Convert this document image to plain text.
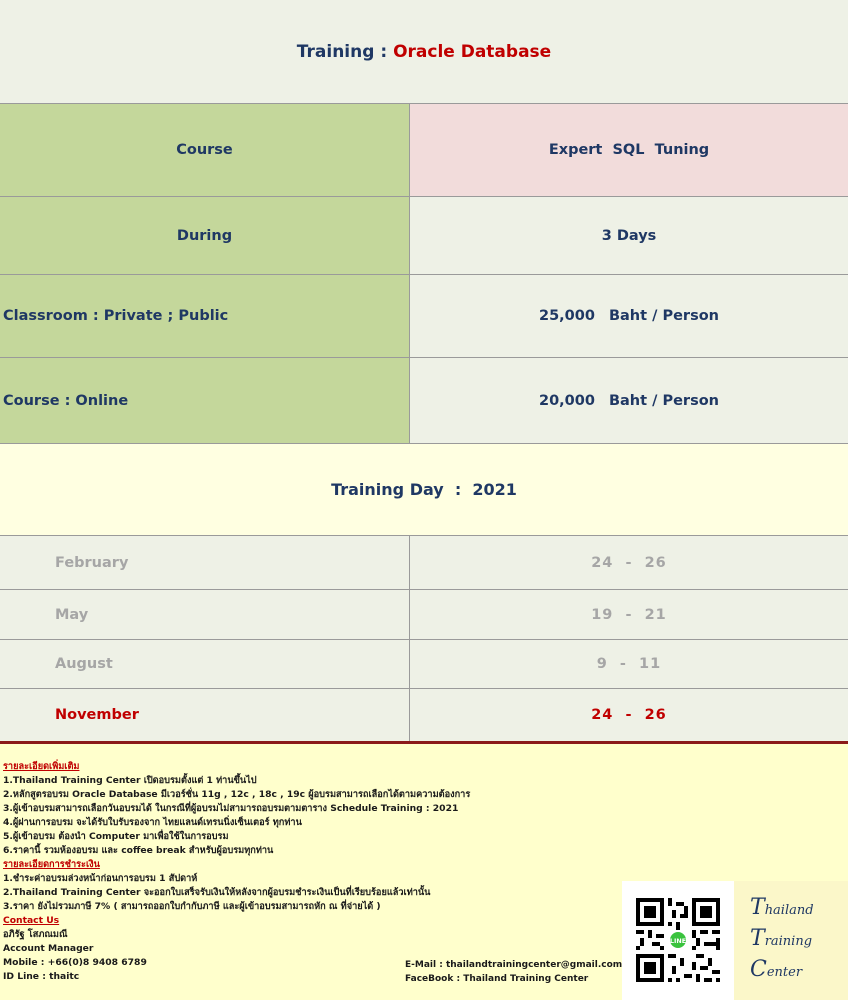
Training :
Oracle Database
Course	Expert  SQL  Tuning
During	3 Days
Classroom : Private ; Public	25,000 Baht / Person
Course : Online	20,000 Baht / Person
Training Day  :  2021
February	24  -  26
May	19  -  21
August	9  -  11
November	24  -  26
รายละเอียดเพิ่มเติม
1.Thailand Training Center เปิดอบรมตั้งแต่ 1 ท่านขึ้นไป
2.หลักสูตรอบรม Oracle Database มีเวอร์ชั่น 11g , 12c , 18c , 19c ผู้อบรมสามารถเลือกได้ตามความต้องการ
3.ผู้เข้าอบรมสามารถเลือกวันอบรมได้ ในกรณีที่ผู้อบรมไม่สามารถอบรมตามตาราง Schedule Training : 2021
4.ผู้ผ่านการอบรม จะได้รับใบรับรองจาก ไทยแลนด์เทรนนิ่งเซ็นเตอร์ ทุกท่าน
5.ผู้เข้าอบรม ต้องนำ Computer มาเพื่อใช้ในการอบรม
6.ราคานี้ รวมห้องอบรม และ coffee break สำหรับผู้อบรมทุกท่าน
รายละเอียดการชำระเงิน
1.ชำระค่าอบรมล่วงหน้าก่อนการอบรม 1 สัปดาห์
2.Thailand Training Center จะออกใบเสร็จรับเงินให้หลังจากผู้อบรมชำระเงินเป็นที่เรียบร้อยแล้วเท่านั้น
3.ราคา ยังไม่รวมภาษี 7% ( สามารถออกใบกำกับภาษี และผู้เข้าอบรมสามารถหัก ณ ที่จ่ายได้ )
Contact Us
อภิรัฐ โสภณมณี
Account Manager
Mobile : +66(0)8 9408 6789
ID Line : thaitc
E-Mail : thailandtrainingcenter@gmail.com
FaceBook : Thailand Training Center
LINE
Thailand
Training
Center
